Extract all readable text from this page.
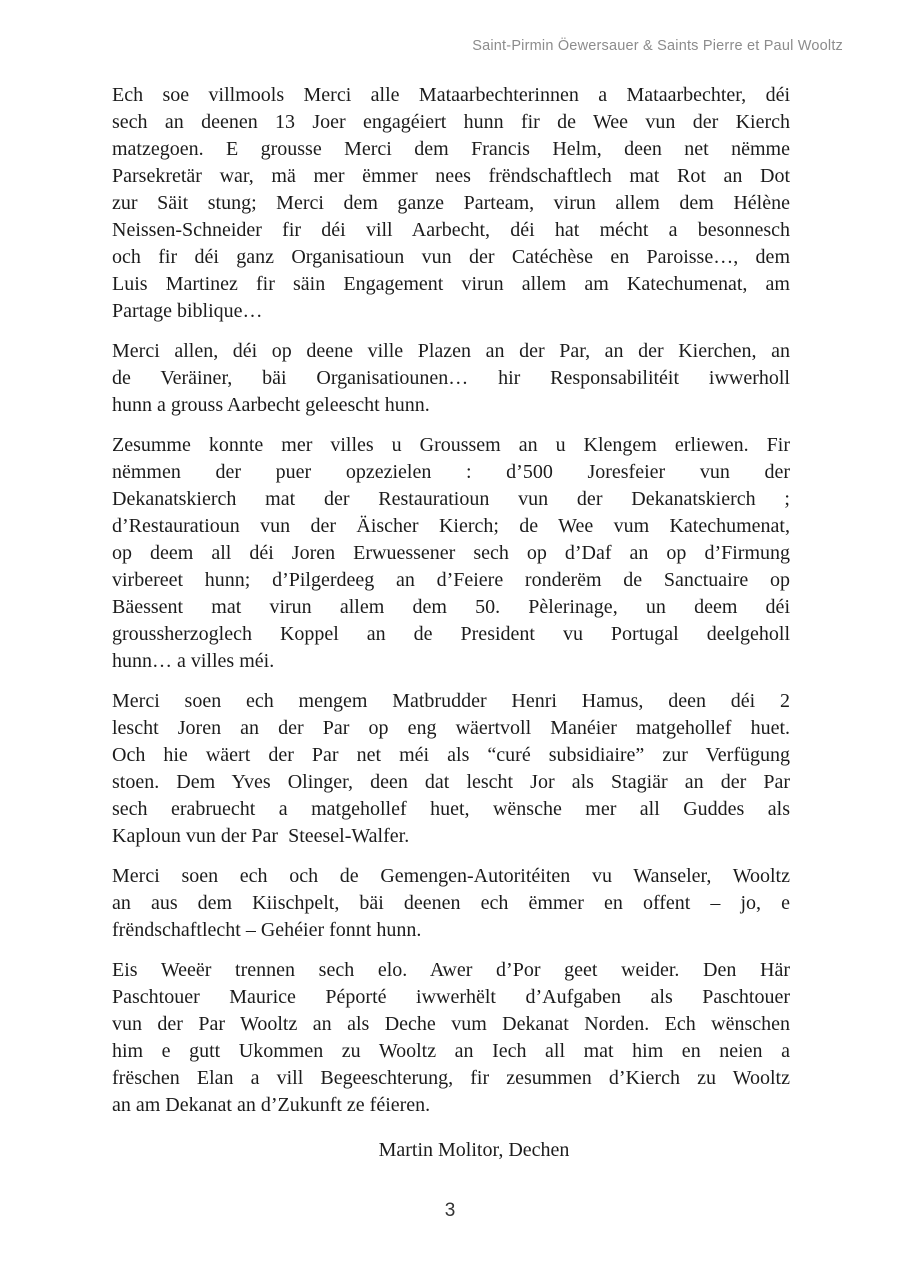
Saint-Pirmin Öewersauer & Saints Pierre et Paul Wooltz
Ech soe villmools Merci alle Mataarbechterinnen a Mataarbechter, déi
sech an deenen 13 Joer engagéiert hunn fir de Wee vun der Kierch
matzegoen. E grousse Merci dem Francis Helm, deen net nëmme
Parsekretär war, mä mer ëmmer nees frëndschaftlech mat Rot an Dot
zur Säit stung; Merci dem ganze Parteam, virun allem dem Hélène
Neissen-Schneider fir déi vill Aarbecht, déi hat mécht a besonnesch
och fir déi ganz Organisatioun vun der Catéchèse en Paroisse…, dem
Luis Martinez fir säin Engagement virun allem am Katechumenat, am
Partage biblique…
Merci allen, déi op deene ville Plazen an der Par, an der Kierchen, an
de Veräiner, bäi Organisatiounen… hir Responsabilitéit iwwerholl
hunn a grouss Aarbecht geleescht hunn.
Zesumme konnte mer villes u Groussem an u Klengem erliewen. Fir
nëmmen der puer opzezielen : d’500 Joresfeier vun der
Dekanatskierch mat der Restauratioun vun der Dekanatskierch ;
d’Restauratioun vun der Äischer Kierch; de Wee vum Katechumenat,
op deem all déi Joren Erwuessener sech op d’Daf an op d’Firmung
virbereet hunn; d’Pilgerdeeg an d’Feiere ronderëm de Sanctuaire op
Bäessent mat virun allem dem 50. Pèlerinage, un deem déi
groussherzoglech Koppel an de President vu Portugal deelgeholl
hunn… a villes méi.
Merci soen ech mengem Matbrudder Henri Hamus, deen déi 2
lescht Joren an der Par op eng wäertvoll Manéier matgehollef huet.
Och hie wäert der Par net méi als “curé subsidiaire” zur Verfügung
stoen. Dem Yves Olinger, deen dat lescht Jor als Stagiär an der Par
sech erabruecht a matgehollef huet, wënsche mer all Guddes als
Kaploun vun der Par  Steesel-Walfer.
Merci soen ech och de Gemengen-Autoritéiten vu Wanseler, Wooltz
an aus dem Kiischpelt, bäi deenen ech ëmmer en offent – jo, e
frëndschaftlecht – Gehéier fonnt hunn.
Eis Weeër trennen sech elo. Awer d’Por geet weider. Den Här
Paschtouer Maurice Péporté iwwerhëlt d’Aufgaben als Paschtouer
vun der Par Wooltz an als Deche vum Dekanat Norden. Ech wënschen
him e gutt Ukommen zu Wooltz an Iech all mat him en neien a
frëschen Elan a vill Begeeschterung, fir zesummen d’Kierch zu Wooltz
an am Dekanat an d’Zukunft ze féieren.
Martin Molitor, Dechen
3
